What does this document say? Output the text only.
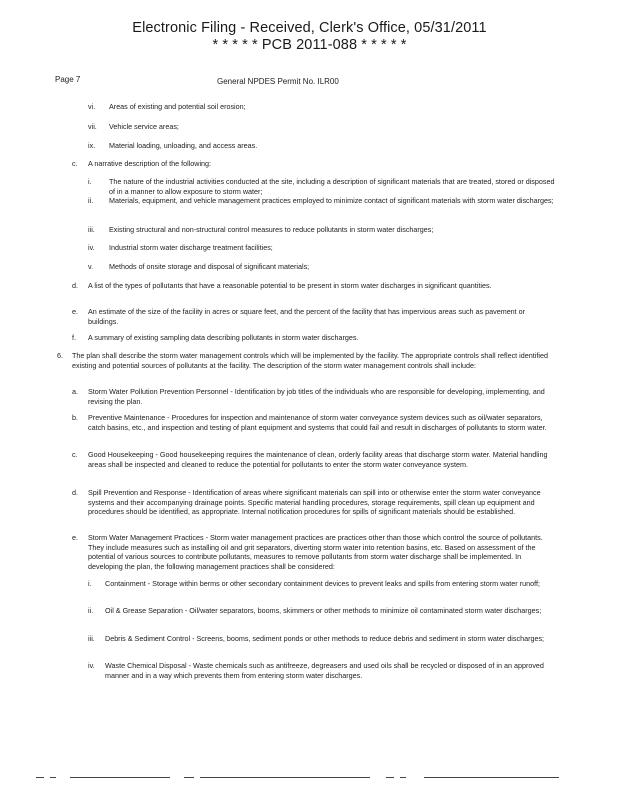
Electronic Filing - Received, Clerk's Office, 05/31/2011
* * * * * PCB 2011-088 * * * * *
Page 7	General NPDES Permit No. ILR00
vi. Areas of existing and potential soil erosion;
vii. Vehicle service areas;
ix. Material loading, unloading, and access areas.
c. A narrative description of the following:
i. The nature of the industrial activities conducted at the site, including a description of significant materials that are treated, stored or disposed of in a manner to allow exposure to storm water;
ii. Materials, equipment, and vehicle management practices employed to minimize contact of significant materials with storm water discharges;
iii. Existing structural and non-structural control measures to reduce pollutants in storm water discharges;
iv. Industrial storm water discharge treatment facilities;
v. Methods of onsite storage and disposal of significant materials;
d. A list of the types of pollutants that have a reasonable potential to be present in storm water discharges in significant quantities.
e. An estimate of the size of the facility in acres or square feet, and the percent of the facility that has impervious areas such as pavement or buildings.
f. A summary of existing sampling data describing pollutants in storm water discharges.
6. The plan shall describe the storm water management controls which will be implemented by the facility. The appropriate controls shall reflect identified existing and potential sources of pollutants at the facility. The description of the storm water management controls shall include:
a. Storm Water Pollution Prevention Personnel - Identification by job titles of the individuals who are responsible for developing, implementing, and revising the plan.
b. Preventive Maintenance - Procedures for inspection and maintenance of storm water conveyance system devices such as oil/water separators, catch basins, etc., and inspection and testing of plant equipment and systems that could fail and result in discharges of pollutants to storm water.
c. Good Housekeeping - Good housekeeping requires the maintenance of clean, orderly facility areas that discharge storm water. Material handling areas shall be inspected and cleaned to reduce the potential for pollutants to enter the storm water conveyance system.
d. Spill Prevention and Response - Identification of areas where significant materials can spill into or otherwise enter the storm water conveyance systems and their accompanying drainage points. Specific material handling procedures, storage requirements, spill clean up equipment and procedures should be identified, as appropriate. Internal notification procedures for spills of significant materials should be established.
e. Storm Water Management Practices - Storm water management practices are practices other than those which control the source of pollutants. They include measures such as installing oil and grit separators, diverting storm water into retention basins, etc. Based on assessment of the potential of various sources to contribute pollutants, measures to remove pollutants from storm water discharge shall be implemented. In developing the plan, the following management practices shall be considered:
i. Containment - Storage within berms or other secondary containment devices to prevent leaks and spills from entering storm water runoff;
ii. Oil & Grease Separation - Oil/water separators, booms, skimmers or other methods to minimize oil contaminated storm water discharges;
iii. Debris & Sediment Control - Screens, booms, sediment ponds or other methods to reduce debris and sediment in storm water discharges;
iv. Waste Chemical Disposal - Waste chemicals such as antifreeze, degreasers and used oils shall be recycled or disposed of in an approved manner and in a way which prevents them from entering storm water discharges.
